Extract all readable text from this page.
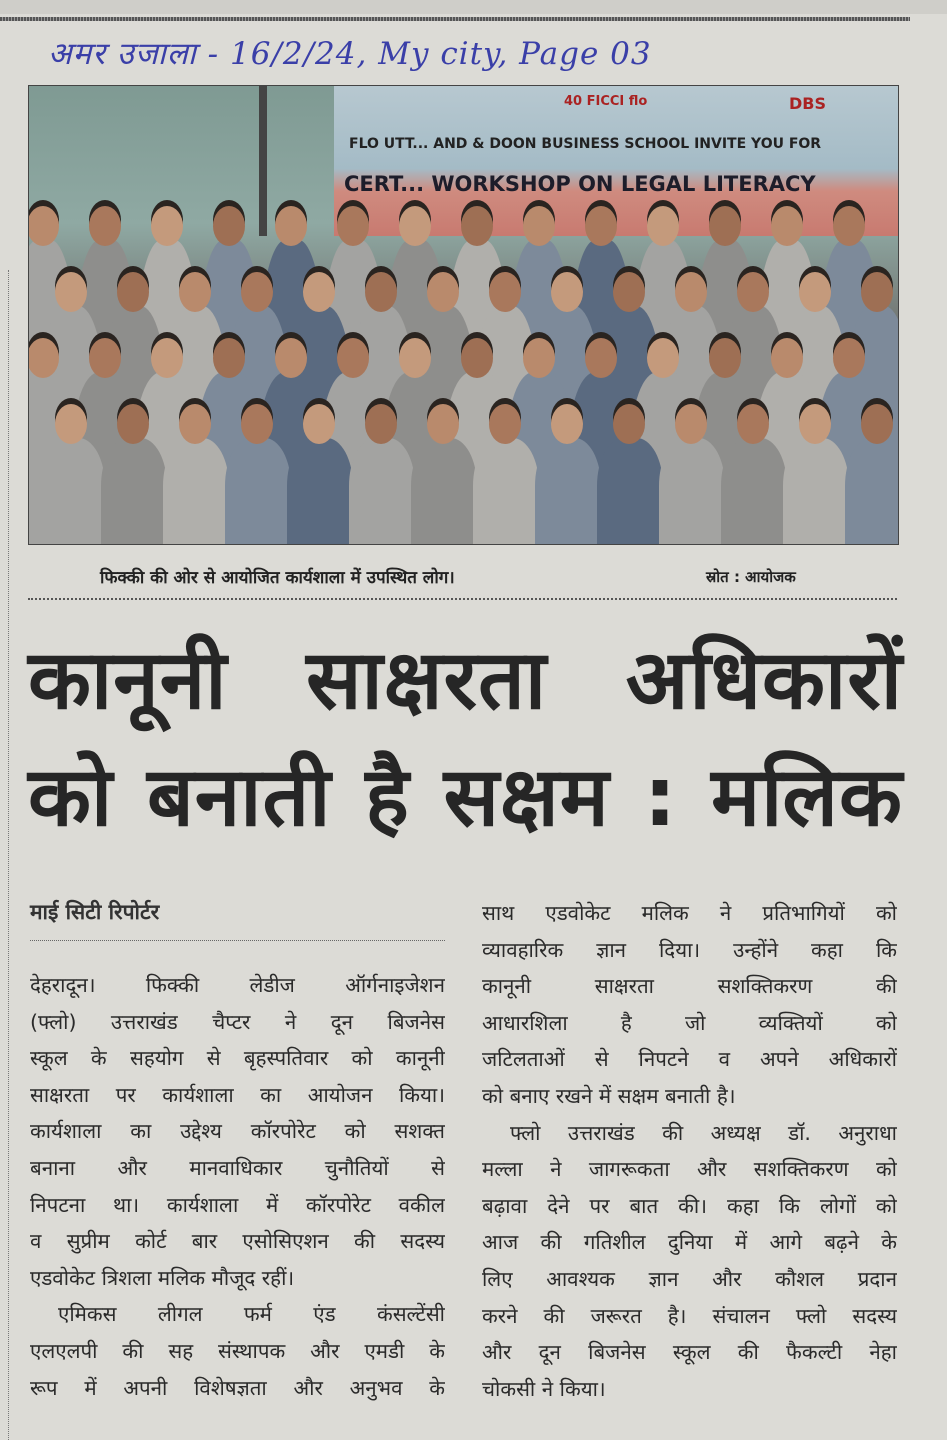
अमर उजाला - 16/2/24, My city, Page 03
40 FICCI flo	DBS
FLO UTT... AND & DOON BUSINESS SCHOOL INVITE YOU FOR
CERT... WORKSHOP ON LEGAL LITERACY
फिक्की की ओर से आयोजित कार्यशाला में उपस्थित लोग।	स्रोत : आयोजक
कानूनी साक्षरता अधिकारों
को बनाती है सक्षम : मलिक
माई सिटी रिपोर्टर
देहरादून। फिक्की लेडीज ऑर्गनाइजेशन
(फ्लो) उत्तराखंड चैप्टर ने दून बिजनेस
स्कूल के सहयोग से बृहस्पतिवार को कानूनी
साक्षरता पर कार्यशाला का आयोजन किया।
कार्यशाला का उद्देश्य कॉरपोरेट को सशक्त
बनाना और मानवाधिकार चुनौतियों से
निपटना था। कार्यशाला में कॉरपोरेट वकील
व सुप्रीम कोर्ट बार एसोसिएशन की सदस्य
एडवोकेट त्रिशला मलिक मौजूद रहीं।
एमिकस लीगल फर्म एंड कंसल्टेंसी
एलएलपी की सह संस्थापक और एमडी के
रूप में अपनी विशेषज्ञता और अनुभव के
साथ एडवोकेट मलिक ने प्रतिभागियों को
व्यावहारिक ज्ञान दिया। उन्होंने कहा कि
कानूनी साक्षरता सशक्तिकरण की
आधारशिला है जो व्यक्तियों को
जटिलताओं से निपटने व अपने अधिकारों
को बनाए रखने में सक्षम बनाती है।
फ्लो उत्तराखंड की अध्यक्ष डॉ. अनुराधा
मल्ला ने जागरूकता और सशक्तिकरण को
बढ़ावा देने पर बात की। कहा कि लोगों को
आज की गतिशील दुनिया में आगे बढ़ने के
लिए आवश्यक ज्ञान और कौशल प्रदान
करने की जरूरत है। संचालन फ्लो सदस्य
और दून बिजनेस स्कूल की फैकल्टी नेहा
चोकसी ने किया।
